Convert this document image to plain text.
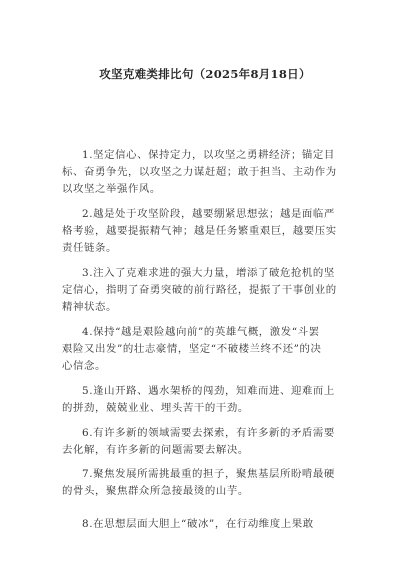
攻坚克难类排比句（2025年8月18日）
1.坚定信心、保持定力，以攻坚之勇耕经济；锚定目
标、奋勇争先，以攻坚之力谋赶超；敢于担当、主动作为
以攻坚之举强作风。
2.越是处于攻坚阶段，越要绷紧思想弦；越是面临严
格考验，越要提振精气神；越是任务繁重艰巨，越要压实
责任链条。
3.注入了克难求进的强大力量，增添了破危抢机的坚
定信心，指明了奋勇突破的前行路径，提振了干事创业的
精神状态。
4.保持“越是艰险越向前”的英雄气概，激发“斗罢
艰险又出发”的壮志豪情，坚定“不破楼兰终不还”的决
心信念。
5.逢山开路、遇水架桥的闯劲，知难而进、迎难而上
的拼劲，兢兢业业、埋头苦干的干劲。
6.有许多新的领域需要去探索，有许多新的矛盾需要
去化解，有许多新的问题需要去解决。
7.聚焦发展所需挑最重的担子，聚焦基层所盼啃最硬
的骨头，聚焦群众所急接最烫的山芋。
8.在思想层面大胆上“破冰”，在行动维度上果敢
